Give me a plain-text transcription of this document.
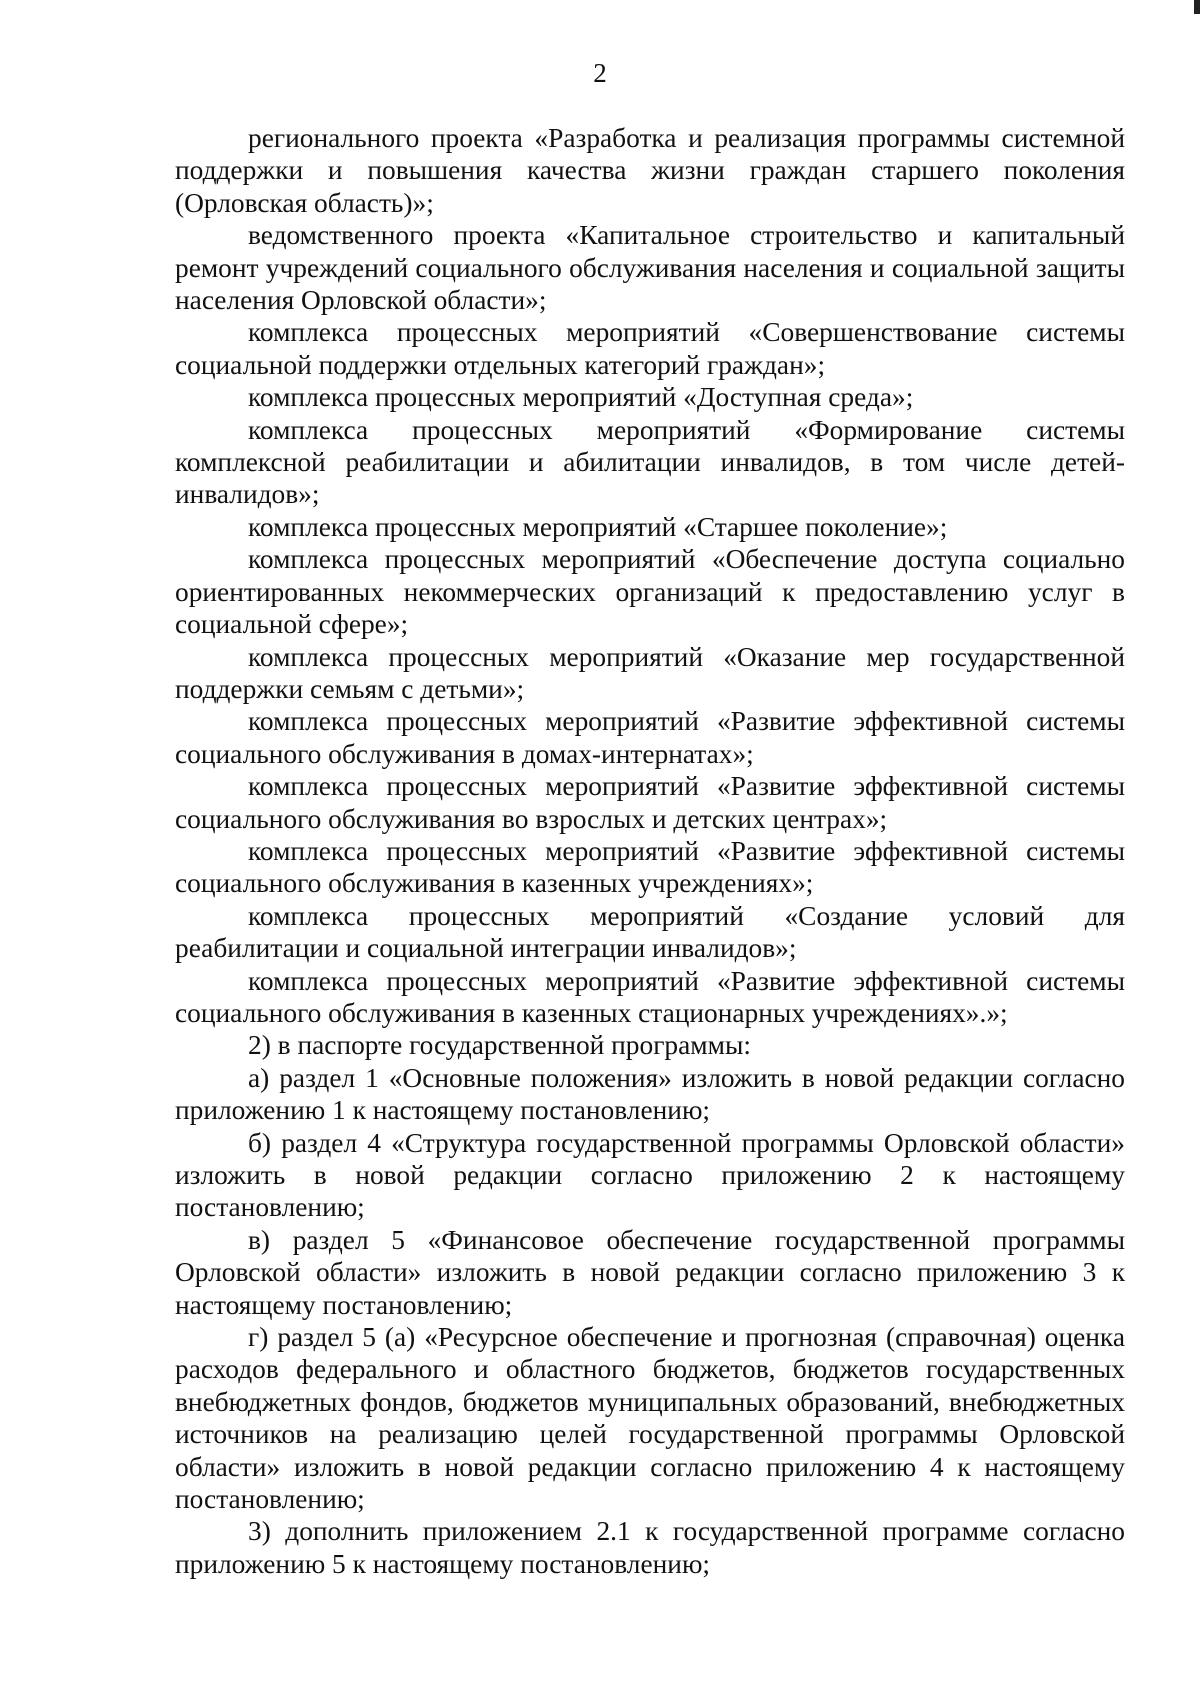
2

регионального проекта «Разработка и реализация программы системной поддержки и повышения качества жизни граждан старшего поколения (Орловская область)»;

ведомственного проекта «Капитальное строительство и капитальный ремонт учреждений социального обслуживания населения и социальной защиты населения Орловской области»;

комплекса процессных мероприятий «Совершенствование системы социальной поддержки отдельных категорий граждан»;

комплекса процессных мероприятий «Доступная среда»;

комплекса процессных мероприятий «Формирование системы комплексной реабилитации и абилитации инвалидов, в том числе детей-инвалидов»;

комплекса процессных мероприятий «Старшее поколение»;

комплекса процессных мероприятий «Обеспечение доступа социально ориентированных некоммерческих организаций к предоставлению услуг в социальной сфере»;

комплекса процессных мероприятий «Оказание мер государственной поддержки семьям с детьми»;

комплекса процессных мероприятий «Развитие эффективной системы социального обслуживания в домах-интернатах»;

комплекса процессных мероприятий «Развитие эффективной системы социального обслуживания во взрослых и детских центрах»;

комплекса процессных мероприятий «Развитие эффективной системы социального обслуживания в казенных учреждениях»;

комплекса процессных мероприятий «Создание условий для реабилитации и социальной интеграции инвалидов»;

комплекса процессных мероприятий «Развитие эффективной системы социального обслуживания в казенных стационарных учреждениях».»;

2) в паспорте государственной программы:

а) раздел 1 «Основные положения» изложить в новой редакции согласно приложению 1 к настоящему постановлению;

б) раздел 4 «Структура государственной программы Орловской области» изложить в новой редакции согласно приложению 2 к настоящему постановлению;

в) раздел 5 «Финансовое обеспечение государственной программы Орловской области» изложить в новой редакции согласно приложению 3 к настоящему постановлению;

г) раздел 5 (а) «Ресурсное обеспечение и прогнозная (справочная) оценка расходов федерального и областного бюджетов, бюджетов государственных внебюджетных фондов, бюджетов муниципальных образований, внебюджетных источников на реализацию целей государственной программы Орловской области» изложить в новой редакции согласно приложению 4 к настоящему постановлению;

3) дополнить приложением 2.1 к государственной программе согласно приложению 5 к настоящему постановлению;
